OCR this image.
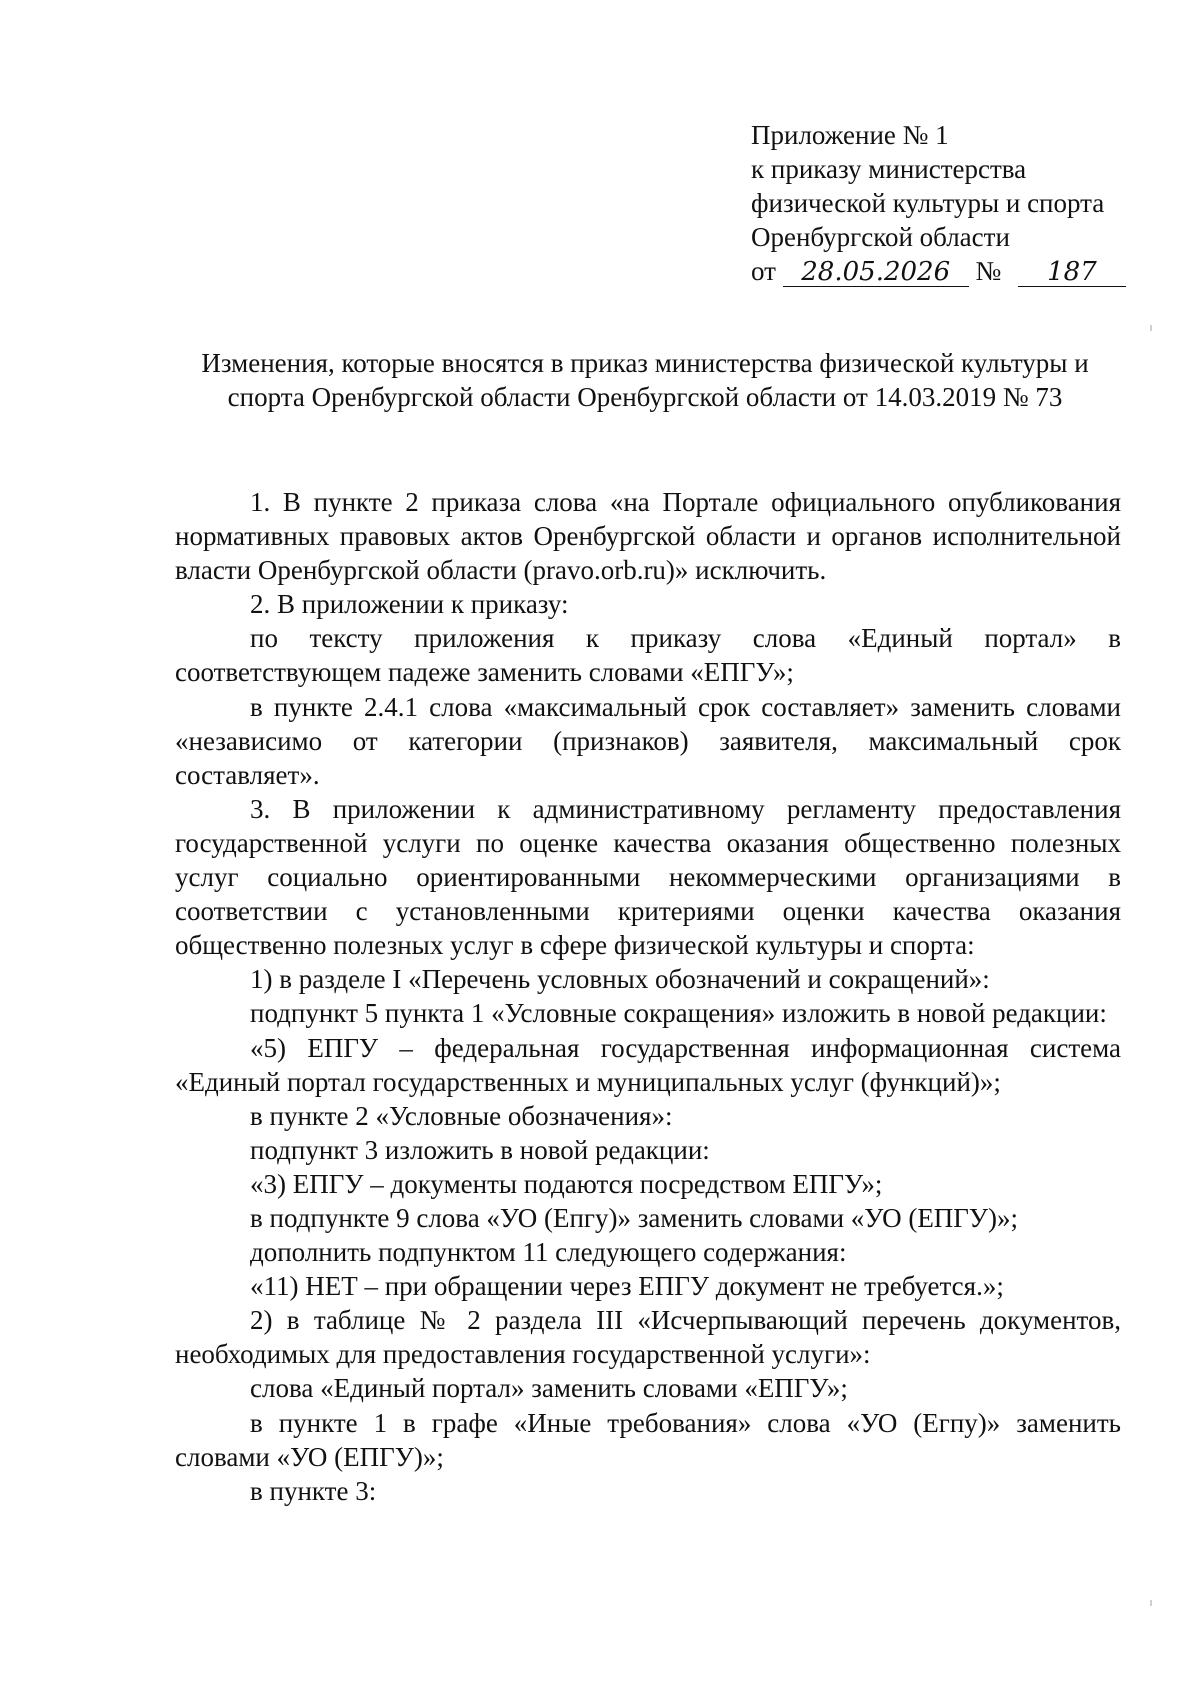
Приложение № 1
к приказу министерства
физической культуры и спорта
Оренбургской области
от 28.05.2026 № 187
Изменения, которые вносятся в приказ министерства физической культуры и
спорта Оренбургской области Оренбургской области от 14.03.2019 № 73

1. В пункте 2 приказа слова «на Портале официального опубликования нормативных правовых актов Оренбургской области и органов исполнительной власти Оренбургской области (pravo.orb.ru)» исключить.

2. В приложении к приказу:

по тексту приложения к приказу слова «Единый портал» в соответствующем падеже заменить словами «ЕПГУ»;

в пункте 2.4.1 слова «максимальный срок составляет» заменить словами «независимо от категории (признаков) заявителя, максимальный срок составляет».

3. В приложении к административному регламенту предоставления государственной услуги по оценке качества оказания общественно полезных услуг социально ориентированными некоммерческими организациями в соответствии с установленными критериями оценки качества оказания общественно полезных услуг в сфере физической культуры и спорта:

1) в разделе I «Перечень условных обозначений и сокращений»:

подпункт 5 пункта 1 «Условные сокращения» изложить в новой редакции:

«5) ЕПГУ – федеральная государственная информационная система «Единый портал государственных и муниципальных услуг (функций)»;

в пункте 2 «Условные обозначения»:

подпункт 3 изложить в новой редакции:

«3) ЕПГУ – документы подаются посредством ЕПГУ»;

в подпункте 9 слова «УО (Епгу)» заменить словами «УО (ЕПГУ)»;

дополнить подпунктом 11 следующего содержания:

«11) НЕТ – при обращении через ЕПГУ документ не требуется.»;

2) в таблице № 2 раздела III «Исчерпывающий перечень документов, необходимых для предоставления государственной услуги»:

слова «Единый портал» заменить словами «ЕПГУ»;

в пункте 1 в графе «Иные требования» слова «УО (Егпу)» заменить словами «УО (ЕПГУ)»;

в пункте 3:
